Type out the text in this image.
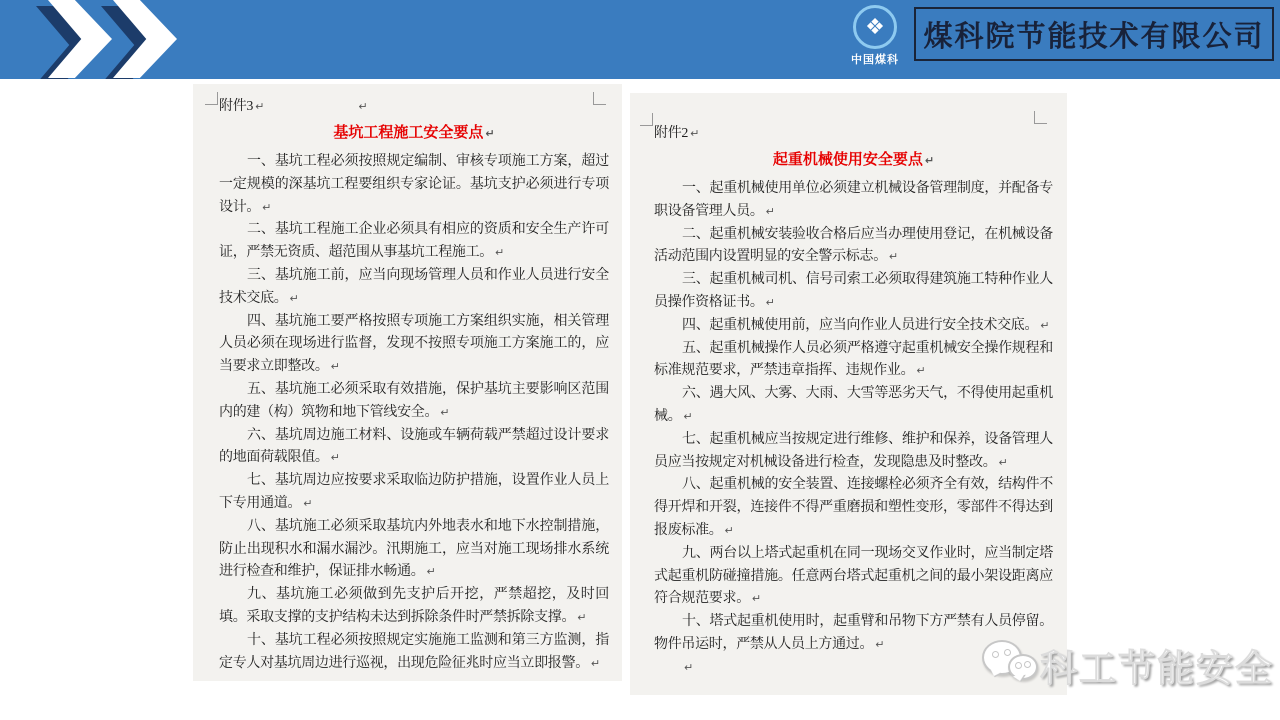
❖
中国煤科
煤科院节能技术有限公司
附件3 ↵	↵
基坑工程施工安全要点 ↵

一、基坑工程必须按照规定编制、审核专项施工方案，超过一定规模的深基坑工程要组织专家论证。基坑支护必须进行专项设计。 ↵

二、基坑工程施工企业必须具有相应的资质和安全生产许可证，严禁无资质、超范围从事基坑工程施工。 ↵

三、基坑施工前，应当向现场管理人员和作业人员进行安全技术交底。 ↵

四、基坑施工要严格按照专项施工方案组织实施，相关管理人员必须在现场进行监督，发现不按照专项施工方案施工的，应当要求立即整改。 ↵

五、基坑施工必须采取有效措施，保护基坑主要影响区范围内的建（构）筑物和地下管线安全。 ↵

六、基坑周边施工材料、设施或车辆荷载严禁超过设计要求的地面荷载限值。 ↵

七、基坑周边应按要求采取临边防护措施，设置作业人员上下专用通道。 ↵

八、基坑施工必须采取基坑内外地表水和地下水控制措施，防止出现积水和漏水漏沙。汛期施工，应当对施工现场排水系统进行检查和维护，保证排水畅通。 ↵

九、基坑施工必须做到先支护后开挖，严禁超挖，及时回填。采取支撑的支护结构未达到拆除条件时严禁拆除支撑。 ↵

十、基坑工程必须按照规定实施施工监测和第三方监测，指定专人对基坑周边进行巡视，出现危险征兆时应当立即报警。 ↵

附件2 ↵
起重机械使用安全要点 ↵

一、起重机械使用单位必须建立机械设备管理制度，并配备专职设备管理人员。 ↵

二、起重机械安装验收合格后应当办理使用登记，在机械设备活动范围内设置明显的安全警示标志。 ↵

三、起重机械司机、信号司索工必须取得建筑施工特种作业人员操作资格证书。 ↵

四、起重机械使用前，应当向作业人员进行安全技术交底。 ↵

五、起重机械操作人员必须严格遵守起重机械安全操作规程和标准规范要求，严禁违章指挥、违规作业。 ↵

六、遇大风、大雾、大雨、大雪等恶劣天气，不得使用起重机械。 ↵

七、起重机械应当按规定进行维修、维护和保养，设备管理人员应当按规定对机械设备进行检查，发现隐患及时整改。 ↵

八、起重机械的安全装置、连接螺栓必须齐全有效，结构件不得开焊和开裂，连接件不得严重磨损和塑性变形，零部件不得达到报废标准。 ↵

九、两台以上塔式起重机在同一现场交叉作业时，应当制定塔式起重机防碰撞措施。任意两台塔式起重机之间的最小架设距离应符合规范要求。 ↵

十、塔式起重机使用时，起重臂和吊物下方严禁有人员停留。物件吊运时，严禁从人员上方通过。 ↵

↵	科工节能安全
